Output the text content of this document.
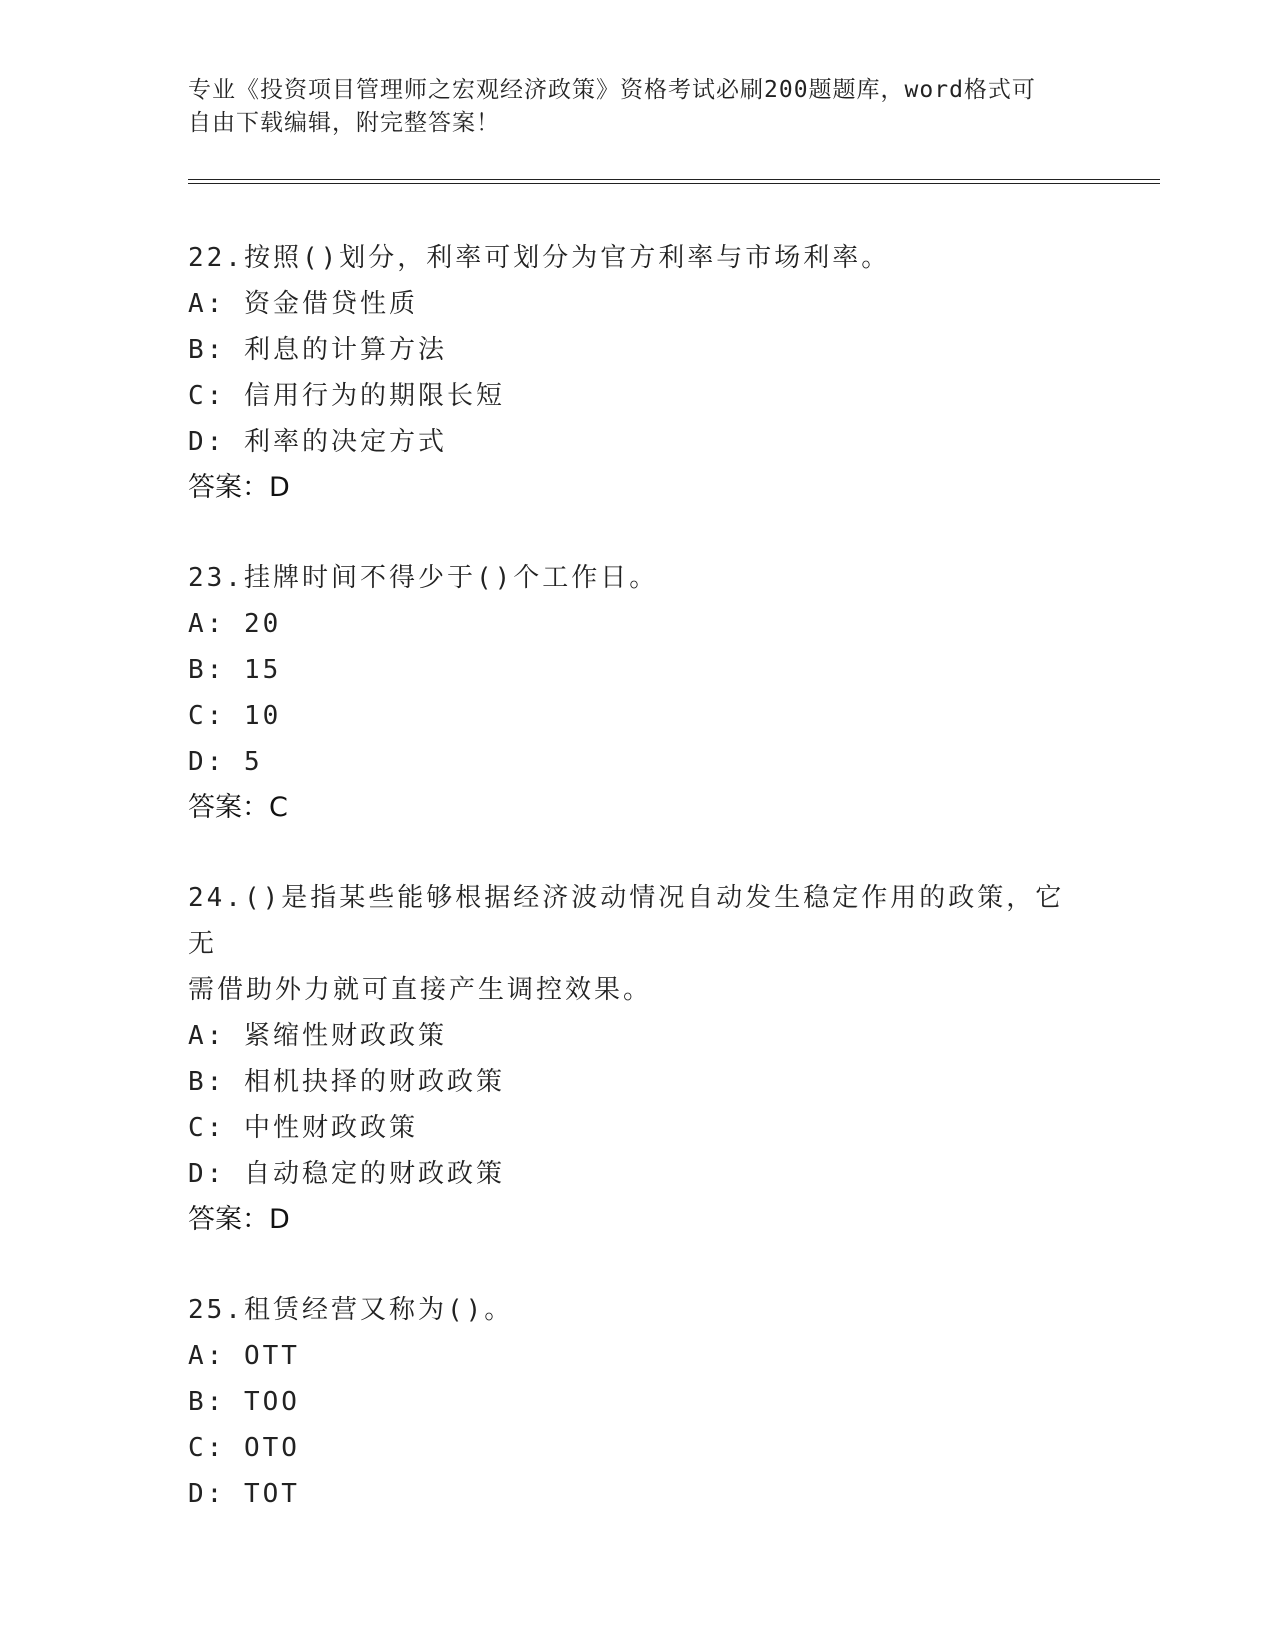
专业《投资项目管理师之宏观经济政策》资格考试必刷200题题库，word格式可
自由下载编辑，附完整答案！
22.按照()划分，利率可划分为官方利率与市场利率。
A: 资金借贷性质
B: 利息的计算方法
C: 信用行为的期限长短
D: 利率的决定方式
答案：D
23.挂牌时间不得少于()个工作日。
A: 20
B: 15
C: 10
D: 5
答案：C
24.()是指某些能够根据经济波动情况自动发生稳定作用的政策，它无
需借助外力就可直接产生调控效果。
A: 紧缩性财政政策
B: 相机抉择的财政政策
C: 中性财政政策
D: 自动稳定的财政政策
答案：D
25.租赁经营又称为()。
A: OTT
B: TOO
C: OTO
D: TOT
